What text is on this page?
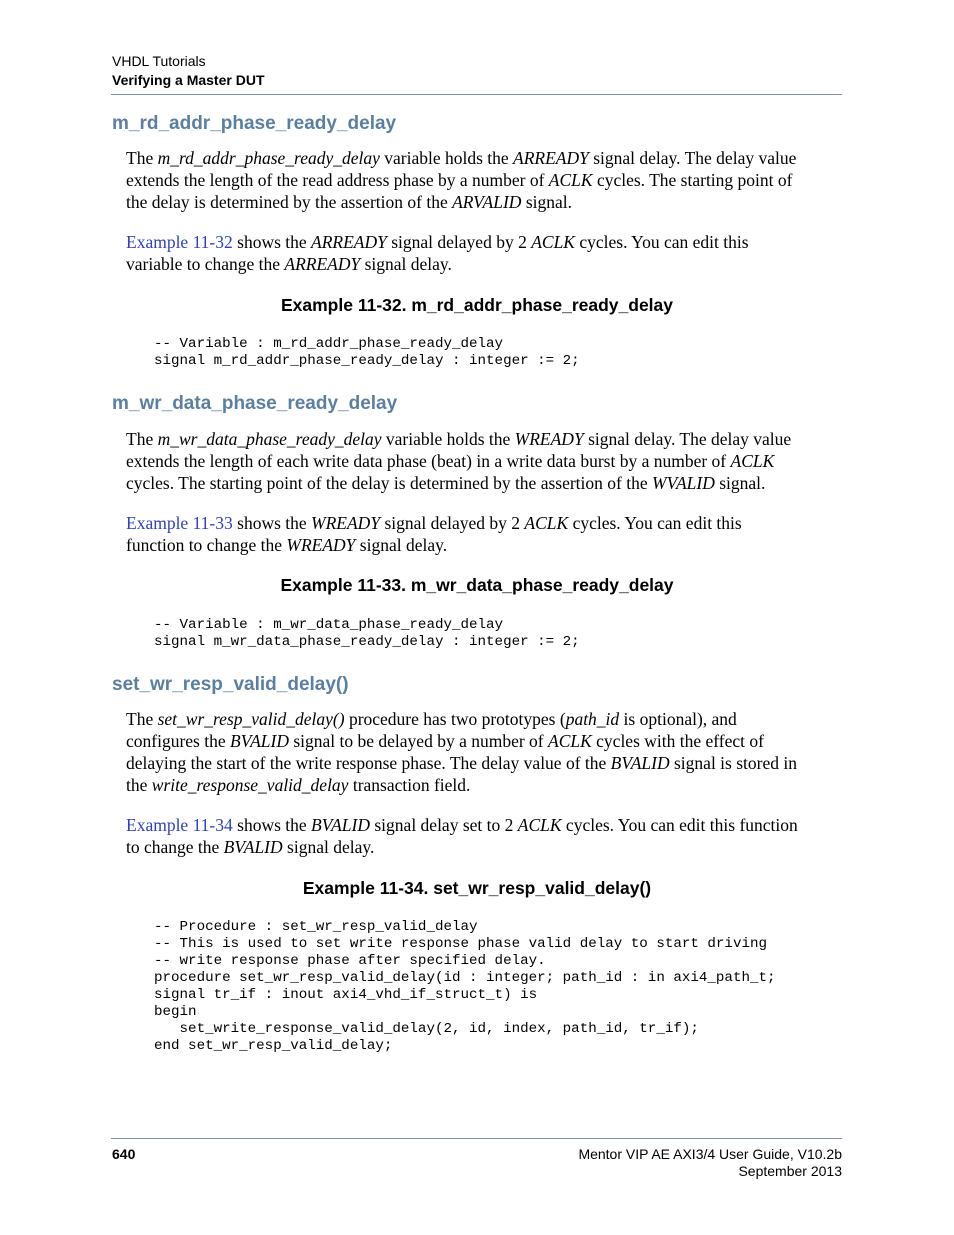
VHDL Tutorials
Verifying a Master DUT
m_rd_addr_phase_ready_delay
The m_rd_addr_phase_ready_delay variable holds the ARREADY signal delay. The delay value
extends the length of the read address phase by a number of ACLK cycles. The starting point of
the delay is determined by the assertion of the ARVALID signal.
Example 11-32 shows the ARREADY signal delayed by 2 ACLK cycles. You can edit this
variable to change the ARREADY signal delay.
Example 11-32. m_rd_addr_phase_ready_delay
-- Variable : m_rd_addr_phase_ready_delay
signal m_rd_addr_phase_ready_delay : integer := 2;
m_wr_data_phase_ready_delay
The m_wr_data_phase_ready_delay variable holds the WREADY signal delay. The delay value
extends the length of each write data phase (beat) in a write data burst by a number of ACLK
cycles. The starting point of the delay is determined by the assertion of the WVALID signal.
Example 11-33 shows the WREADY signal delayed by 2 ACLK cycles. You can edit this
function to change the WREADY signal delay.
Example 11-33. m_wr_data_phase_ready_delay
-- Variable : m_wr_data_phase_ready_delay
signal m_wr_data_phase_ready_delay : integer := 2;
set_wr_resp_valid_delay()
The set_wr_resp_valid_delay() procedure has two prototypes (path_id is optional), and
configures the BVALID signal to be delayed by a number of ACLK cycles with the effect of
delaying the start of the write response phase. The delay value of the BVALID signal is stored in
the write_response_valid_delay transaction field.
Example 11-34 shows the BVALID signal delay set to 2 ACLK cycles. You can edit this function
to change the BVALID signal delay.
Example 11-34. set_wr_resp_valid_delay()
-- Procedure : set_wr_resp_valid_delay
-- This is used to set write response phase valid delay to start driving
-- write response phase after specified delay.
procedure set_wr_resp_valid_delay(id : integer; path_id : in axi4_path_t;
signal tr_if : inout axi4_vhd_if_struct_t) is
begin
set_write_response_valid_delay(2, id, index, path_id, tr_if);
end set_wr_resp_valid_delay;
640	Mentor VIP AE AXI3/4 User Guide, V10.2b
September 2013
